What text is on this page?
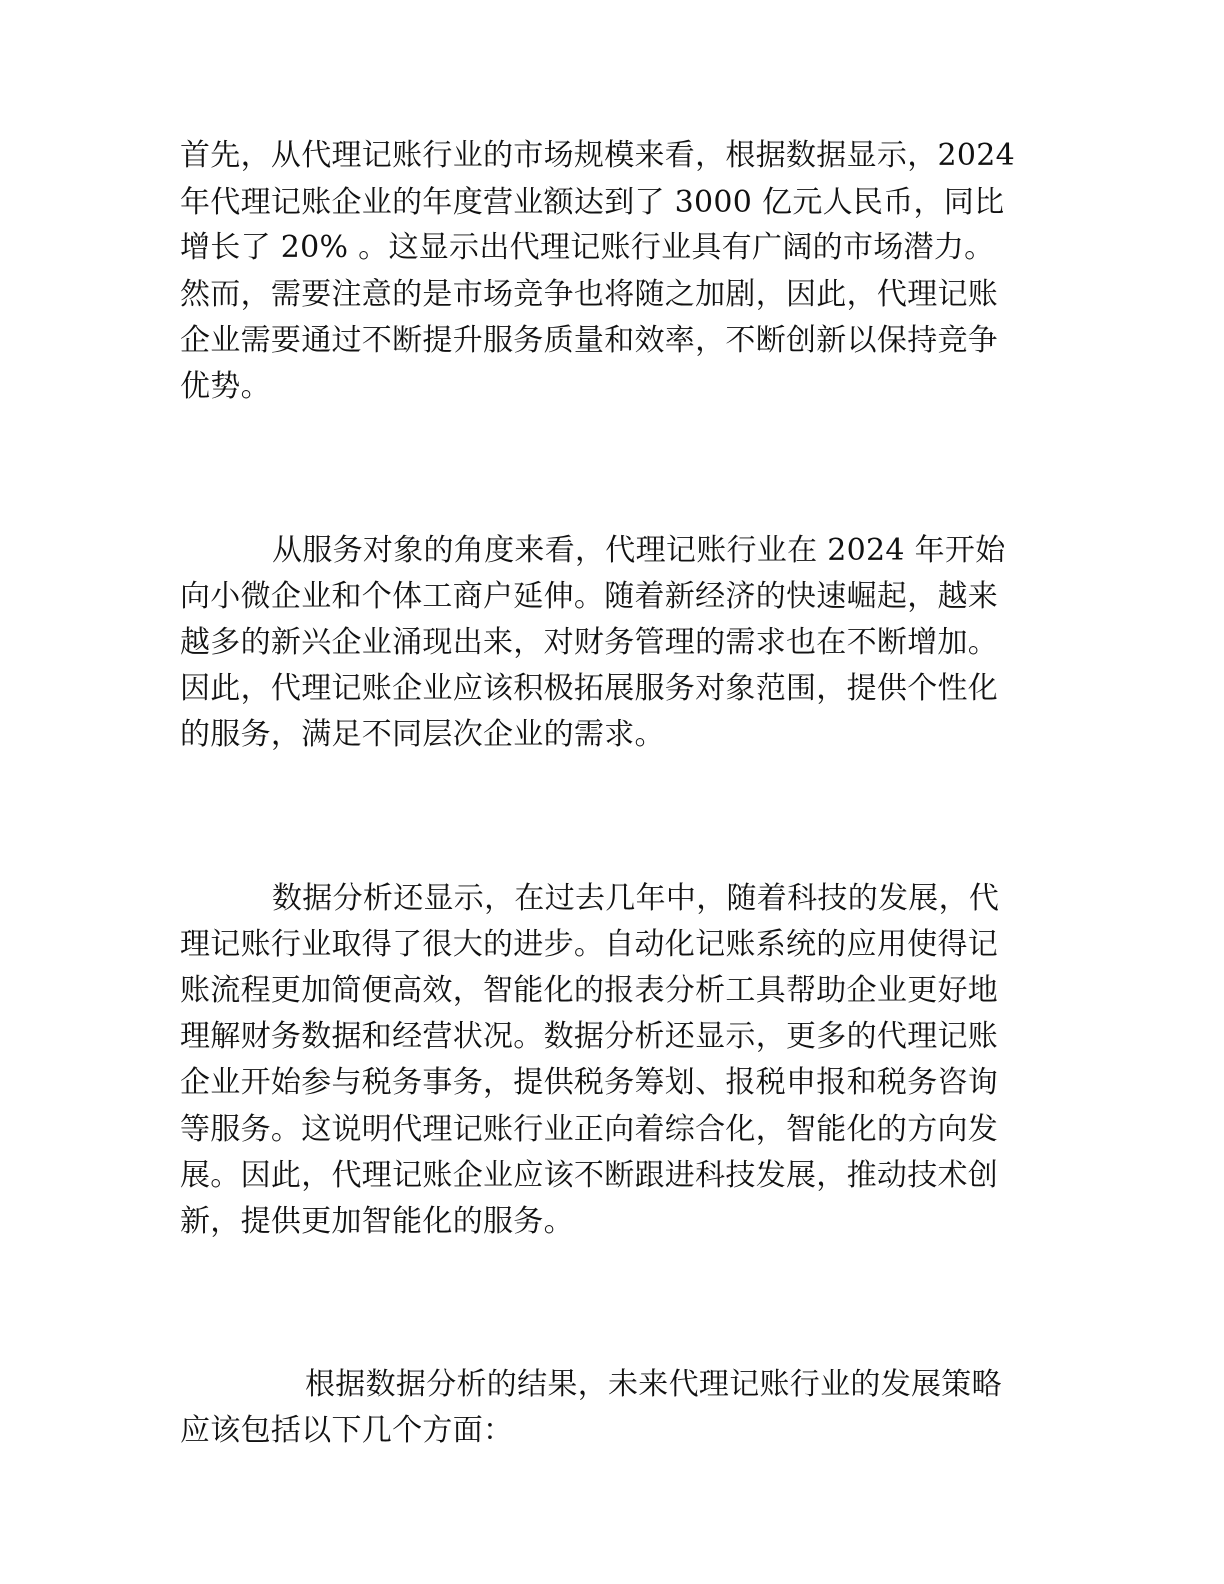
首先，从代理记账行业的市场规模来看，根据数据显示，2024

年代理记账企业的年度营业额达到了 3000 亿元人民币，同比

增长了 20% 。这显示出代理记账行业具有广阔的市场潜力。

然而，需要注意的是市场竞争也将随之加剧，因此，代理记账

企业需要通过不断提升服务质量和效率，不断创新以保持竞争

优势。

从服务对象的角度来看，代理记账行业在 2024 年开始

向小微企业和个体工商户延伸。随着新经济的快速崛起，越来

越多的新兴企业涌现出来，对财务管理的需求也在不断增加。

因此，代理记账企业应该积极拓展服务对象范围，提供个性化

的服务，满足不同层次企业的需求。

数据分析还显示，在过去几年中，随着科技的发展，代

理记账行业取得了很大的进步。自动化记账系统的应用使得记

账流程更加简便高效，智能化的报表分析工具帮助企业更好地

理解财务数据和经营状况。数据分析还显示，更多的代理记账

企业开始参与税务事务，提供税务筹划、报税申报和税务咨询

等服务。这说明代理记账行业正向着综合化，智能化的方向发

展。因此，代理记账企业应该不断跟进科技发展，推动技术创

新，提供更加智能化的服务。

根据数据分析的结果，未来代理记账行业的发展策略

应该包括以下几个方面：
